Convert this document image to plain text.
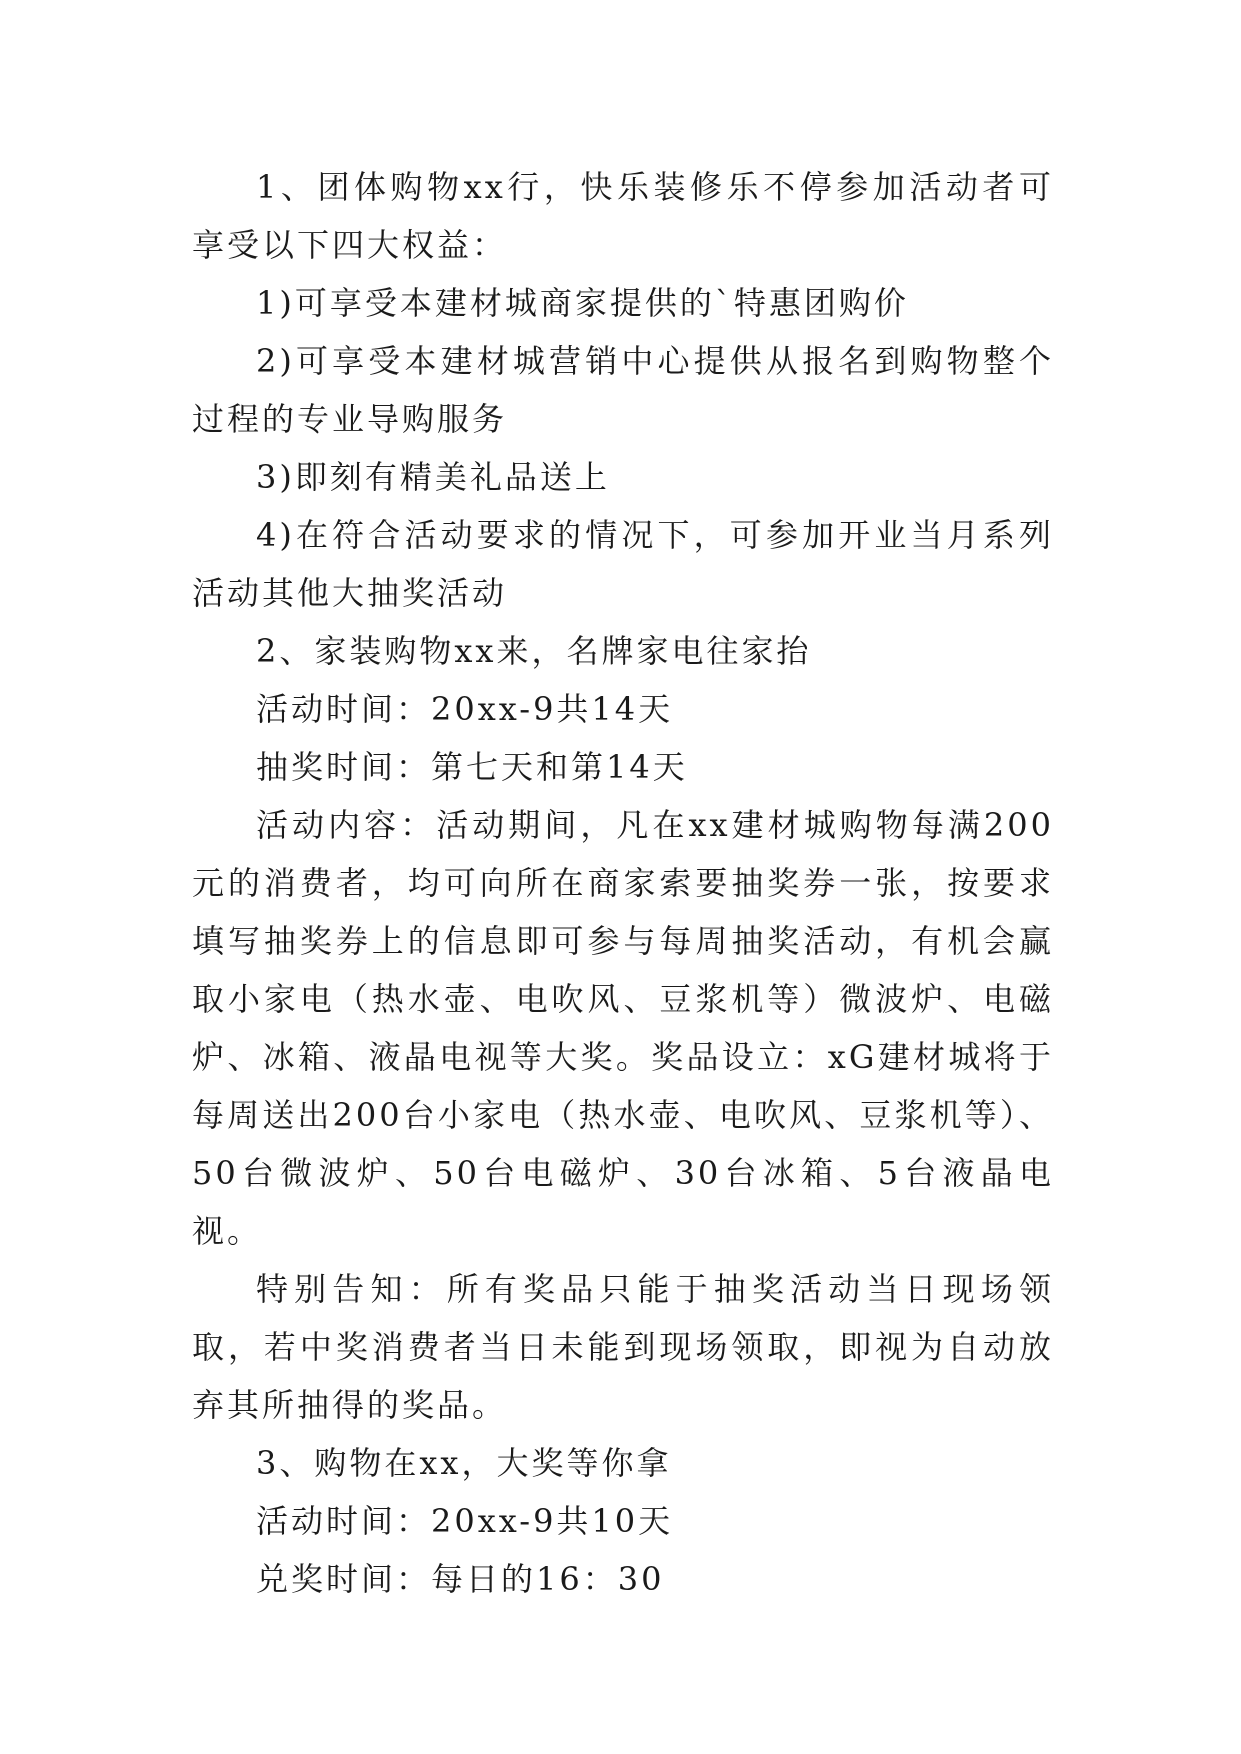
1、团体购物xx行，快乐装修乐不停参加活动者可享受以下四大权益：

1)可享受本建材城商家提供的`特惠团购价

2)可享受本建材城营销中心提供从报名到购物整个过程的专业导购服务

3)即刻有精美礼品送上

4)在符合活动要求的情况下，可参加开业当月系列活动其他大抽奖活动

2、家装购物xx来，名牌家电往家抬

活动时间：20xx-9共14天

抽奖时间：第七天和第14天

活动内容：活动期间，凡在xx建材城购物每满200元的消费者，均可向所在商家索要抽奖券一张，按要求填写抽奖券上的信息即可参与每周抽奖活动，有机会赢取小家电（热水壶、电吹风、豆浆机等）微波炉、电磁炉、冰箱、液晶电视等大奖。奖品设立：xG建材城将于每周送出200台小家电（热水壶、电吹风、豆浆机等）、50台微波炉、50台电磁炉、30台冰箱、5台液晶电视。

特别告知：所有奖品只能于抽奖活动当日现场领取，若中奖消费者当日未能到现场领取，即视为自动放弃其所抽得的奖品。

3、购物在xx，大奖等你拿

活动时间：20xx-9共10天

兑奖时间：每日的16：30
